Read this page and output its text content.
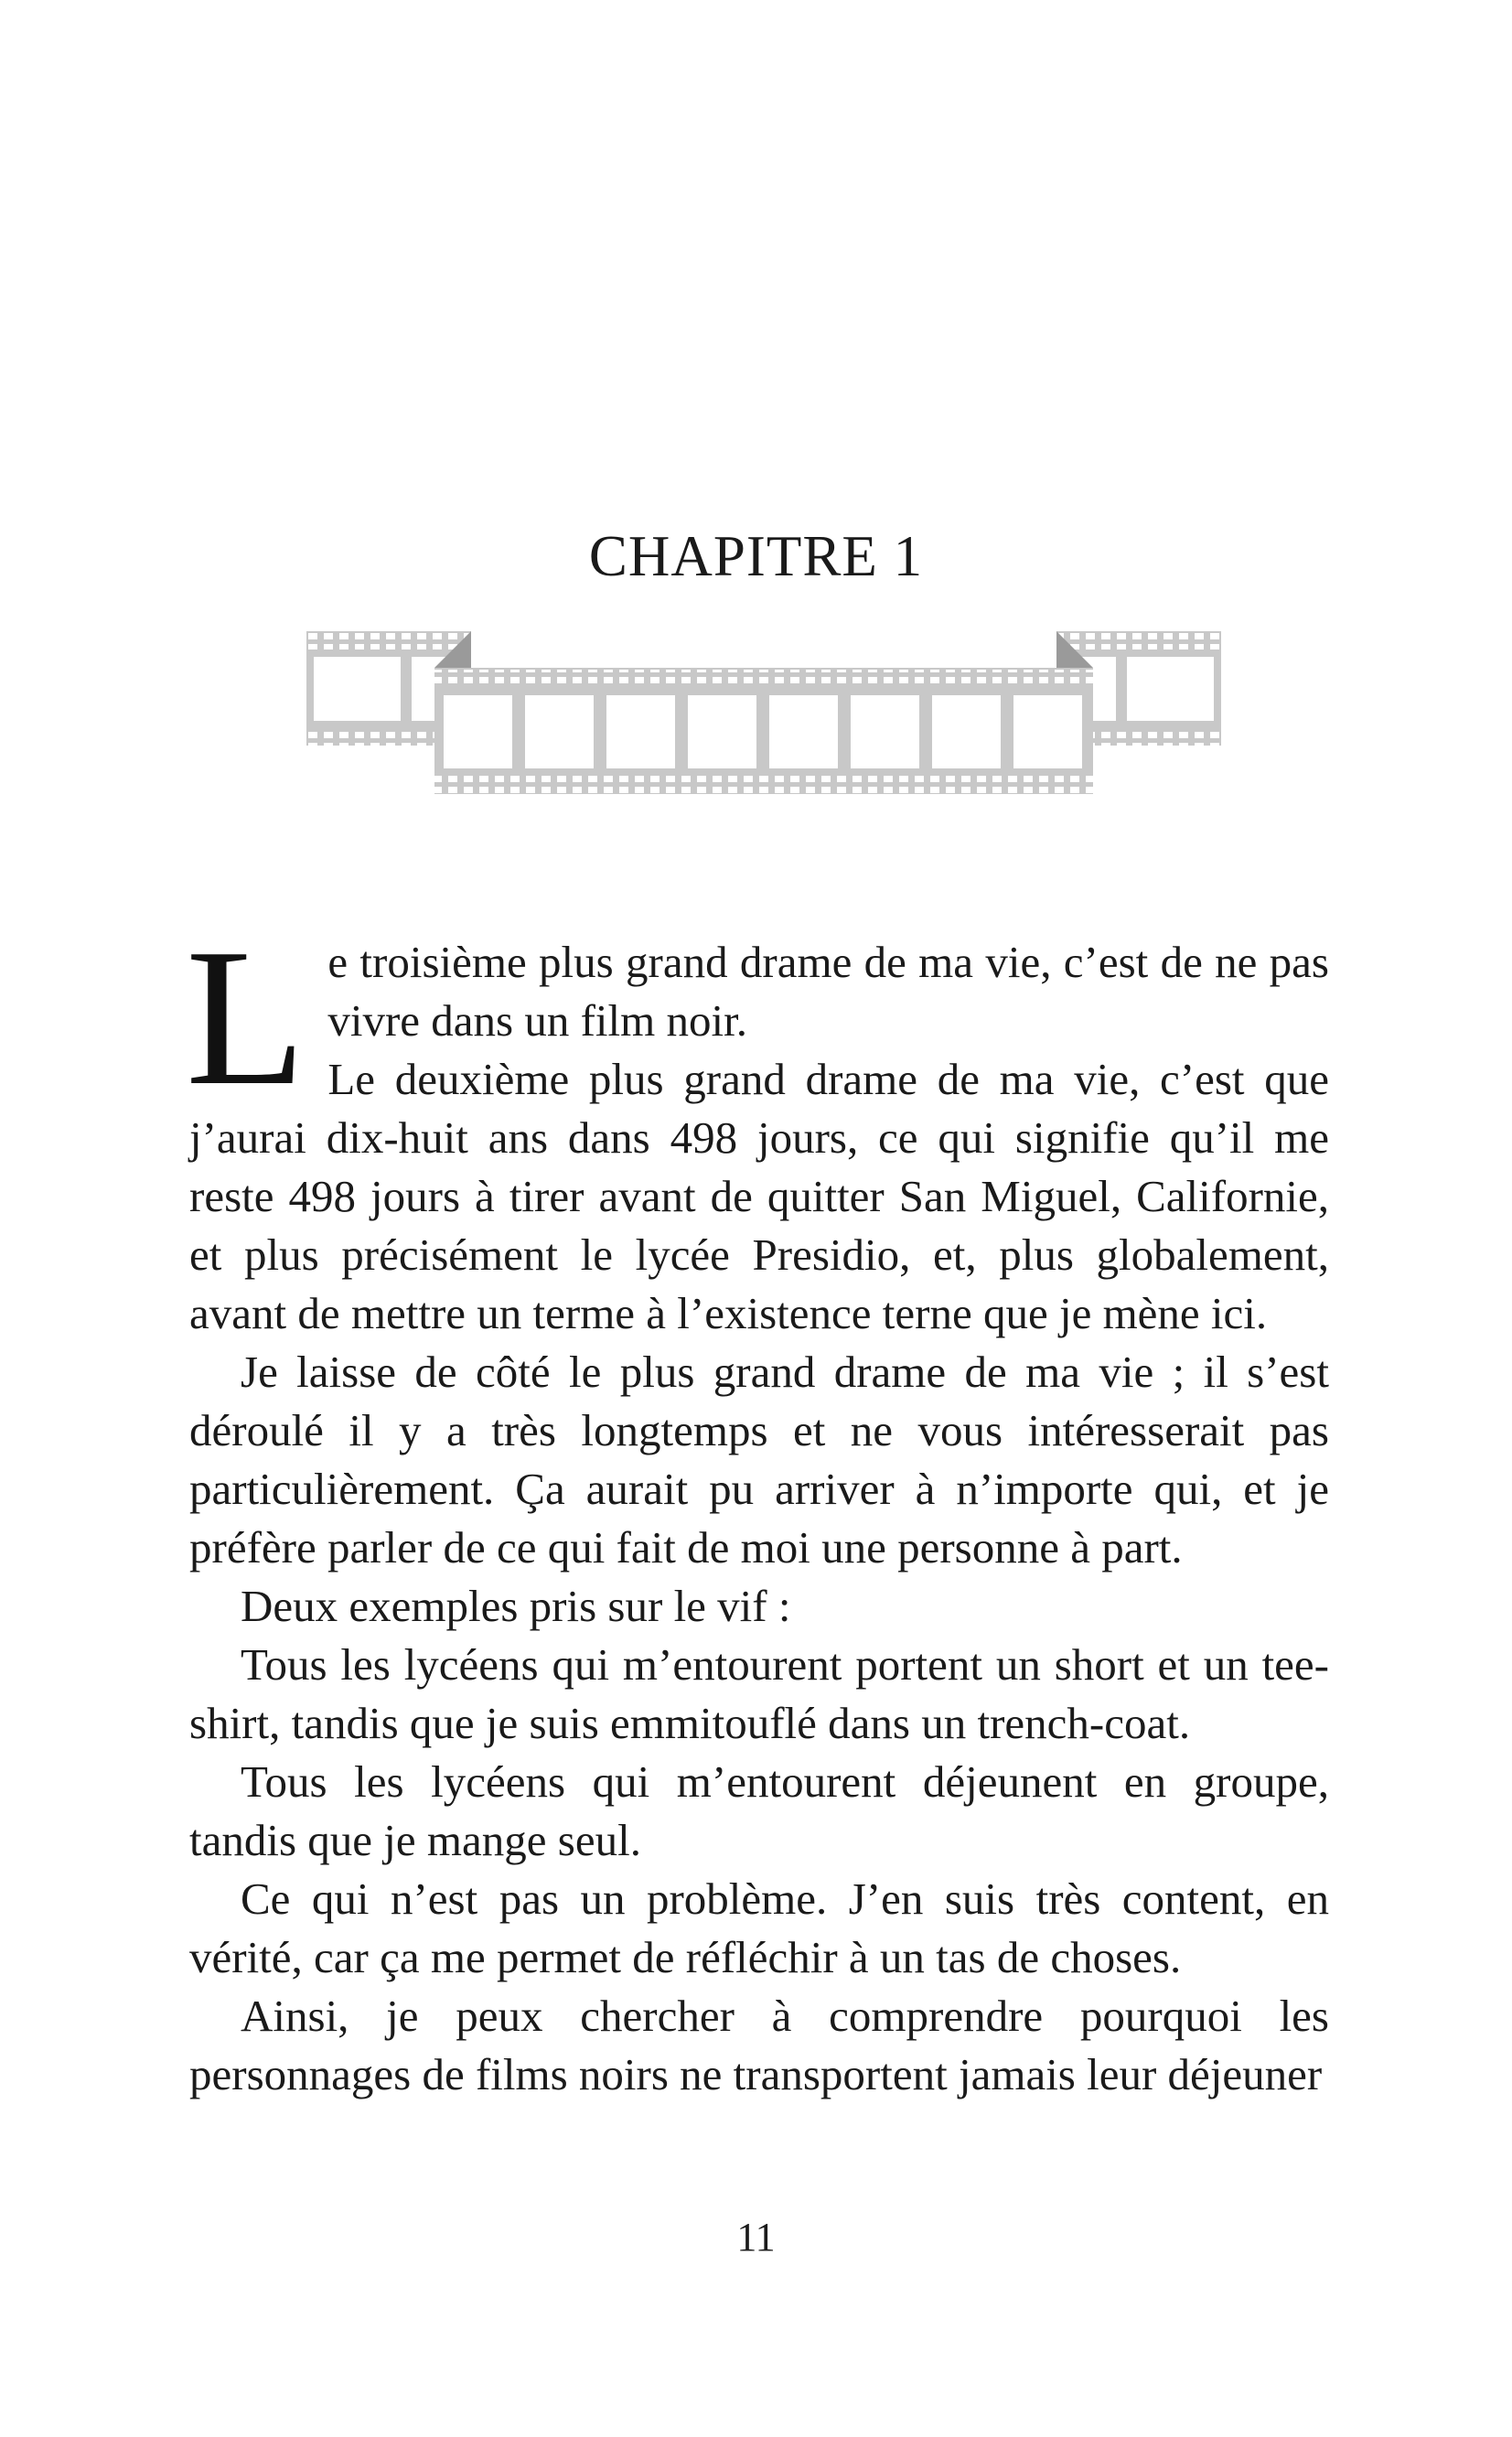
CHAPITRE 1

Le troisième plus grand drame de ma vie, c’est de ne pas vivre dans un film noir.

Le deuxième plus grand drame de ma vie, c’est que j’aurai dix-huit ans dans 498 jours, ce qui signifie qu’il me reste 498 jours à tirer avant de quitter San Miguel, Californie, et plus précisément le lycée Presidio, et, plus globalement, avant de mettre un terme à l’existence terne que je mène ici.

Je laisse de côté le plus grand drame de ma vie ; il s’est déroulé il y a très longtemps et ne vous intéresserait pas particulièrement. Ça aurait pu arriver à n’importe qui, et je préfère parler de ce qui fait de moi une personne à part.

Deux exemples pris sur le vif :

Tous les lycéens qui m’entourent portent un short et un tee-shirt, tandis que je suis emmitouflé dans un trench-coat.

Tous les lycéens qui m’entourent déjeunent en groupe, tandis que je mange seul.

Ce qui n’est pas un problème. J’en suis très content, en vérité, car ça me permet de réfléchir à un tas de choses.

Ainsi, je peux chercher à comprendre pourquoi les personnages de films noirs ne transportent jamais leur déjeuner

11
